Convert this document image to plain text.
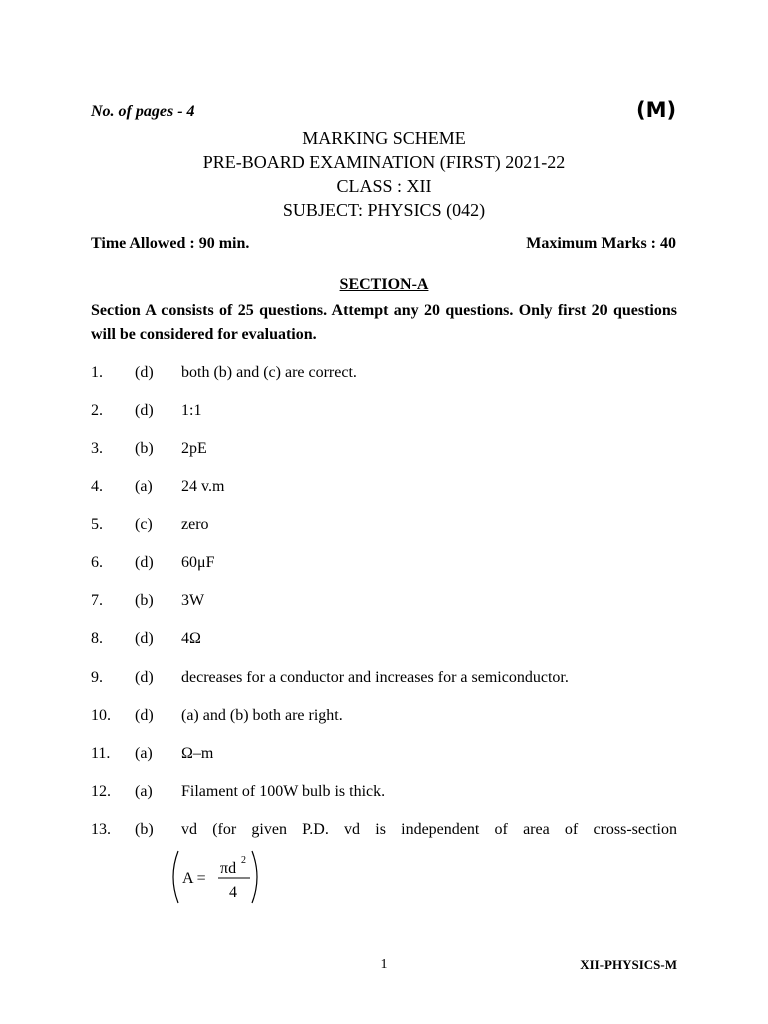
No. of pages - 4	(M)
MARKING SCHEME
PRE-BOARD EXAMINATION (FIRST) 2021-22
CLASS : XII
SUBJECT: PHYSICS (042)
Time Allowed : 90 min.	Maximum Marks : 40
SECTION-A
Section A consists of 25 questions. Attempt any 20 questions. Only first 20 questions will be considered for evaluation.
1. (d) both (b) and (c) are correct.
2. (d) 1:1
3. (b) 2pE
4. (a) 24 v.m
5. (c) zero
6. (d) 60μF
7. (b) 3W
8. (d) 4Ω
9. (d) decreases for a conductor and increases for a semiconductor.
10. (d) (a) and (b) both are right.
11. (a) Ω–m
12. (a) Filament of 100W bulb is thick.
13. (b) vd (for given P.D. vd is independent of area of cross-section
A =
πd 2
4
1	XII-PHYSICS-M
